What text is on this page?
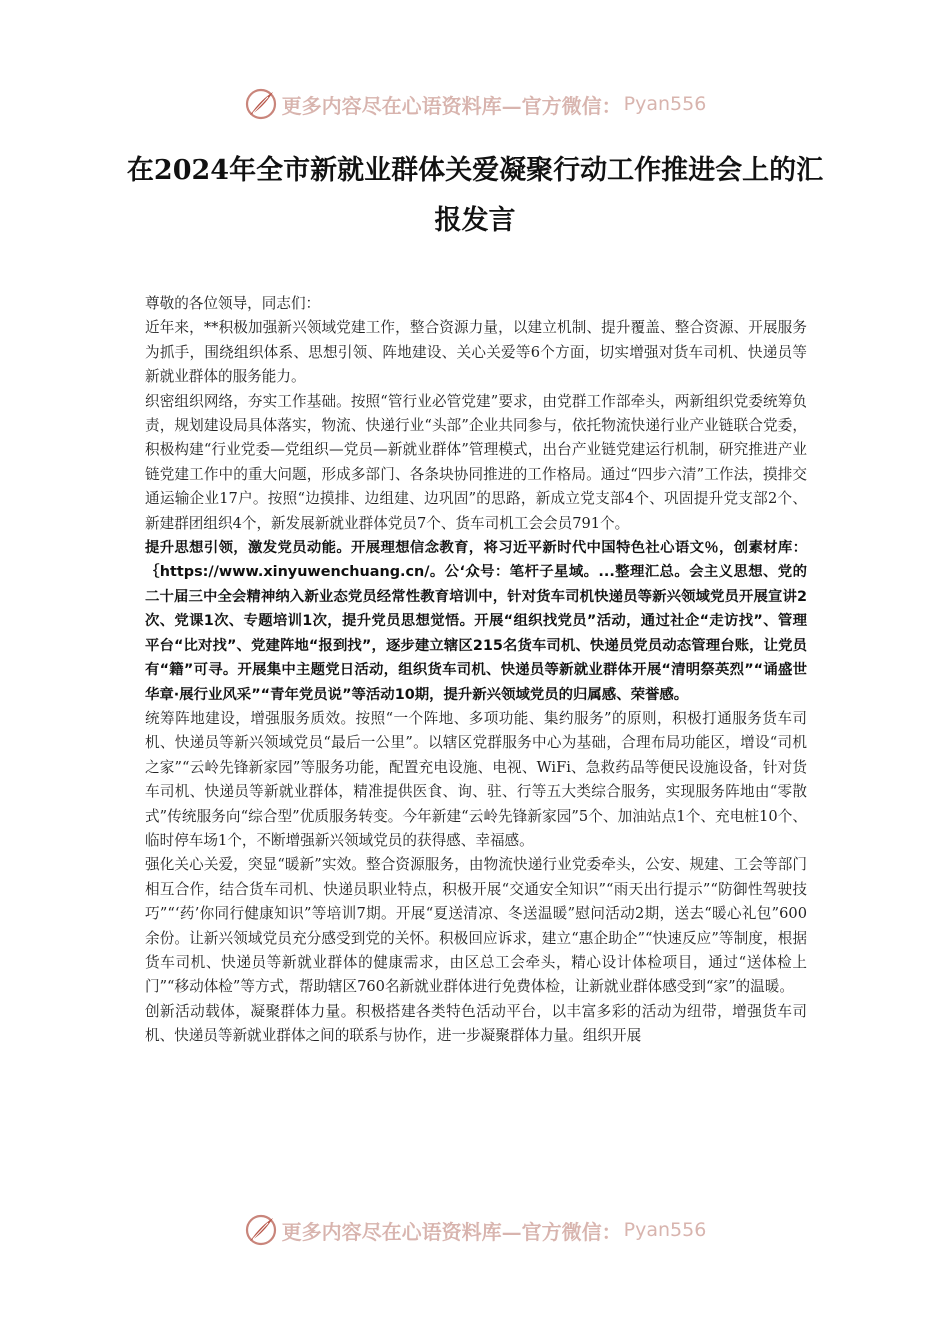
更多内容尽在心语资料库—官方微信： Pyan556
在2024年全市新就业群体关爱凝聚行动工作推进会上的汇报发言

尊敬的各位领导，同志们：

近年来，**积极加强新兴领域党建工作，整合资源力量，以建立机制、提升覆盖、整合资源、开展服务为抓手，围绕组织体系、思想引领、阵地建设、关心关爱等6个方面，切实增强对货车司机、快递员等新就业群体的服务能力。

织密组织网络，夯实工作基础。按照“管行业必管党建”要求，由党群工作部牵头，两新组织党委统筹负责，规划建设局具体落实，物流、快递行业“头部”企业共同参与，依托物流快递行业产业链联合党委，积极构建“行业党委—党组织—党员—新就业群体”管理模式，出台产业链党建运行机制，研究推进产业链党建工作中的重大问题，形成多部门、各条块协同推进的工作格局。通过“四步六清”工作法，摸排交通运输企业17户。按照“边摸排、边组建、边巩固”的思路，新成立党支部4个、巩固提升党支部2个、新建群团组织4个，新发展新就业群体党员7个、货车司机工会会员791个。

提升思想引领，激发党员动能。开展理想信念教育，将习近平新时代中国特色社心语文％，创素材库：｛https://www.xinyuwenchuang.cn/。公‘众号：笔杆子星域。...整理汇总。会主义思想、党的二十届三中全会精神纳入新业态党员经常性教育培训中，针对货车司机快递员等新兴领域党员开展宣讲2次、党课1次、专题培训1次，提升党员思想觉悟。开展“组织找党员”活动，通过社企“走访找”、管理平台“比对找”、党建阵地“报到找”，逐步建立辖区215名货车司机、快递员党员动态管理台账，让党员有“籍”可寻。开展集中主题党日活动，组织货车司机、快递员等新就业群体开展“清明祭英烈”“诵盛世华章·展行业风采”“青年党员说”等活动10期，提升新兴领域党员的归属感、荣誉感。

统筹阵地建设，增强服务质效。按照“一个阵地、多项功能、集约服务”的原则，积极打通服务货车司机、快递员等新兴领域党员“最后一公里”。以辖区党群服务中心为基础，合理布局功能区，增设“司机之家”“云岭先锋新家园”等服务功能，配置充电设施、电视、WiFi、急救药品等便民设施设备，针对货车司机、快递员等新就业群体，精准提供医食、询、驻、行等五大类综合服务，实现服务阵地由“零散式”传统服务向“综合型”优质服务转变。今年新建“云岭先锋新家园”5个、加油站点1个、充电桩10个、临时停车场1个，不断增强新兴领域党员的获得感、幸福感。

强化关心关爱，突显“暖新”实效。整合资源服务，由物流快递行业党委牵头，公安、规建、工会等部门相互合作，结合货车司机、快递员职业特点，积极开展“交通安全知识”“雨天出行提示”“防御性驾驶技巧”“‘药’你同行健康知识”等培训7期。开展“夏送清凉、冬送温暖”慰问活动2期，送去“暖心礼包”600余份。让新兴领域党员充分感受到党的关怀。积极回应诉求，建立“惠企助企”“快速反应”等制度，根据货车司机、快递员等新就业群体的健康需求，由区总工会牵头，精心设计体检项目，通过“送体检上门”“移动体检”等方式，帮助辖区760名新就业群体进行免费体检，让新就业群体感受到“家”的温暖。

创新活动载体，凝聚群体力量。积极搭建各类特色活动平台，以丰富多彩的活动为纽带，增强货车司机、快递员等新就业群体之间的联系与协作，进一步凝聚群体力量。组织开展

更多内容尽在心语资料库—官方微信： Pyan556
